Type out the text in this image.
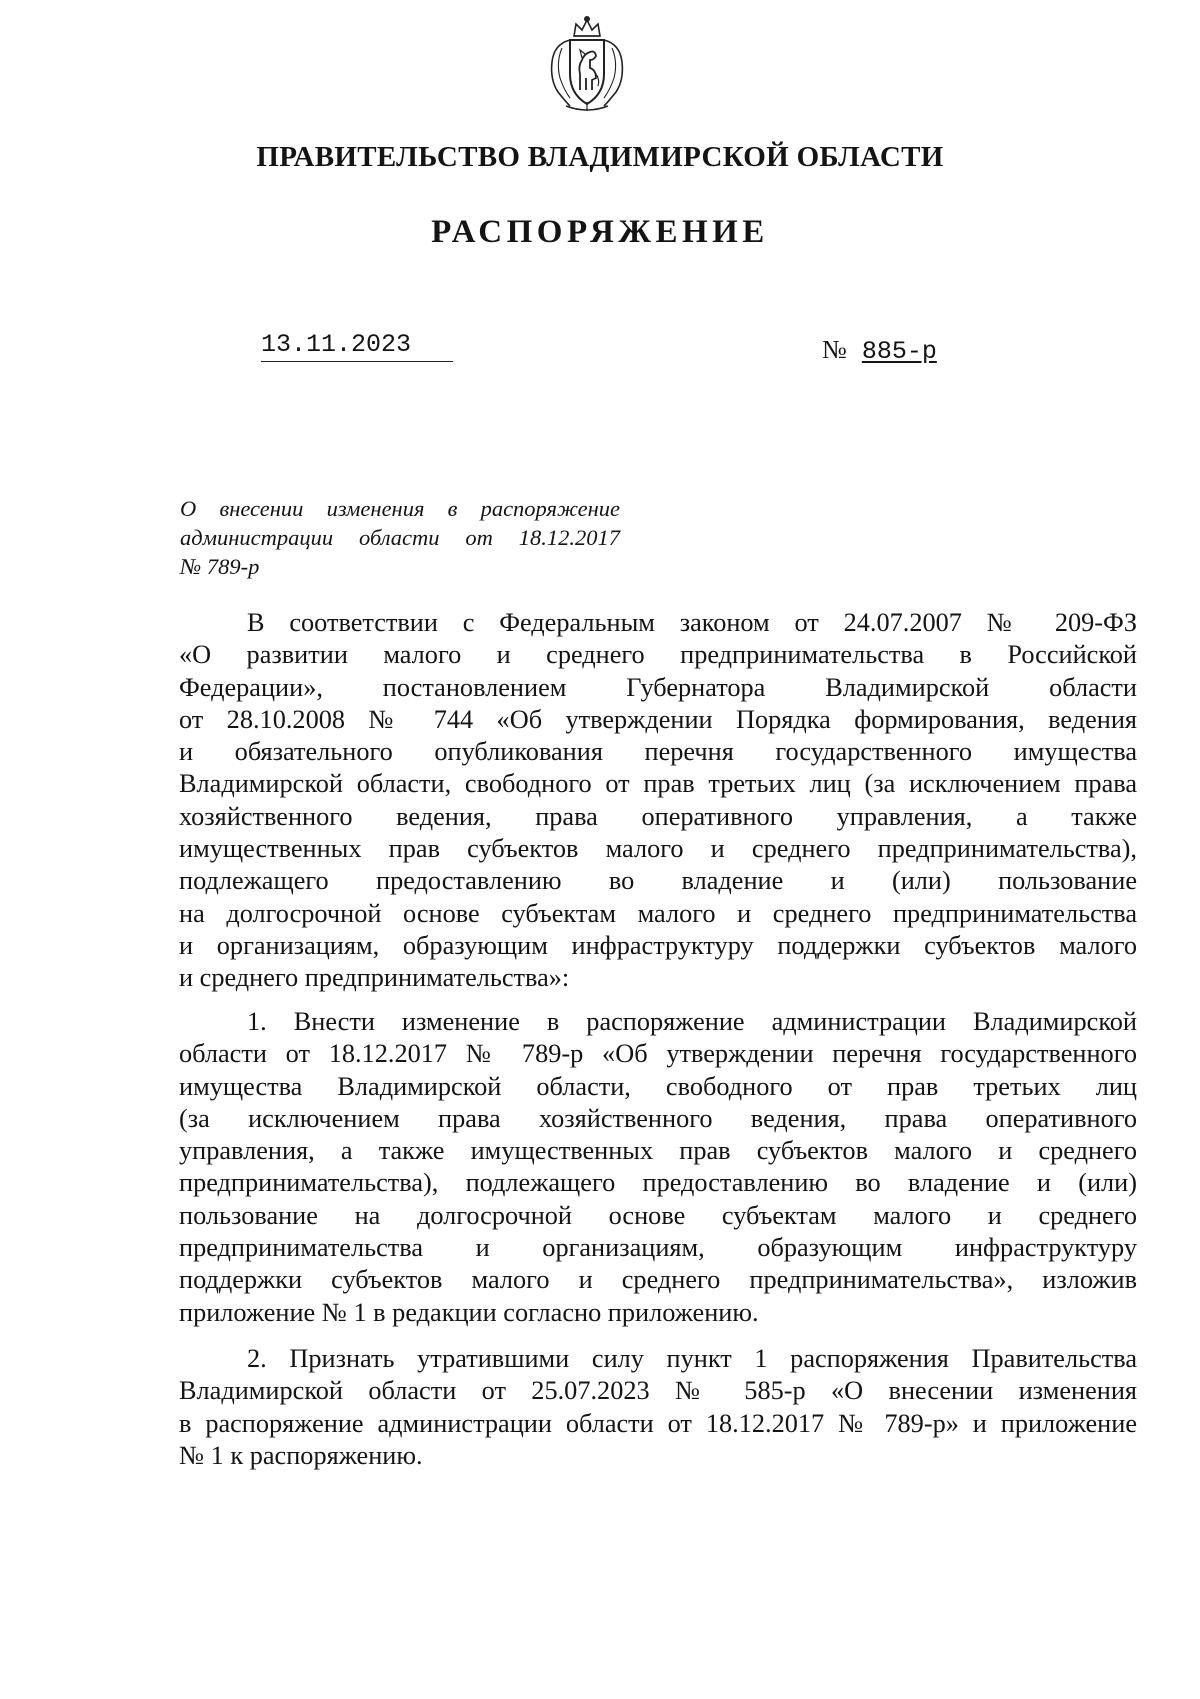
ПРАВИТЕЛЬСТВО ВЛАДИМИРСКОЙ ОБЛАСТИ
РАСПОРЯЖЕНИЕ
13.11.2023	№ 885-р
О внесении изменения в распоряжение
администрации области от 18.12.2017
№ 789-р
В соответствии с Федеральным законом от 24.07.2007 № 209-ФЗ
«О развитии малого и среднего предпринимательства в Российской
Федерации», постановлением Губернатора Владимирской области
от 28.10.2008 № 744 «Об утверждении Порядка формирования, ведения
и обязательного опубликования перечня государственного имущества
Владимирской области, свободного от прав третьих лиц (за исключением права
хозяйственного ведения, права оперативного управления, а также
имущественных прав субъектов малого и среднего предпринимательства),
подлежащего предоставлению во владение и (или) пользование
на долгосрочной основе субъектам малого и среднего предпринимательства
и организациям, образующим инфраструктуру поддержки субъектов малого
и среднего предпринимательства»:
1. Внести изменение в распоряжение администрации Владимирской
области от 18.12.2017 № 789-р «Об утверждении перечня государственного
имущества Владимирской области, свободного от прав третьих лиц
(за исключением права хозяйственного ведения, права оперативного
управления, а также имущественных прав субъектов малого и среднего
предпринимательства), подлежащего предоставлению во владение и (или)
пользование на долгосрочной основе субъектам малого и среднего
предпринимательства и организациям, образующим инфраструктуру
поддержки субъектов малого и среднего предпринимательства», изложив
приложение № 1 в редакции согласно приложению.
2. Признать утратившими силу пункт 1 распоряжения Правительства
Владимирской области от 25.07.2023 № 585-р «О внесении изменения
в распоряжение администрации области от 18.12.2017 № 789-р» и приложение
№ 1 к распоряжению.
